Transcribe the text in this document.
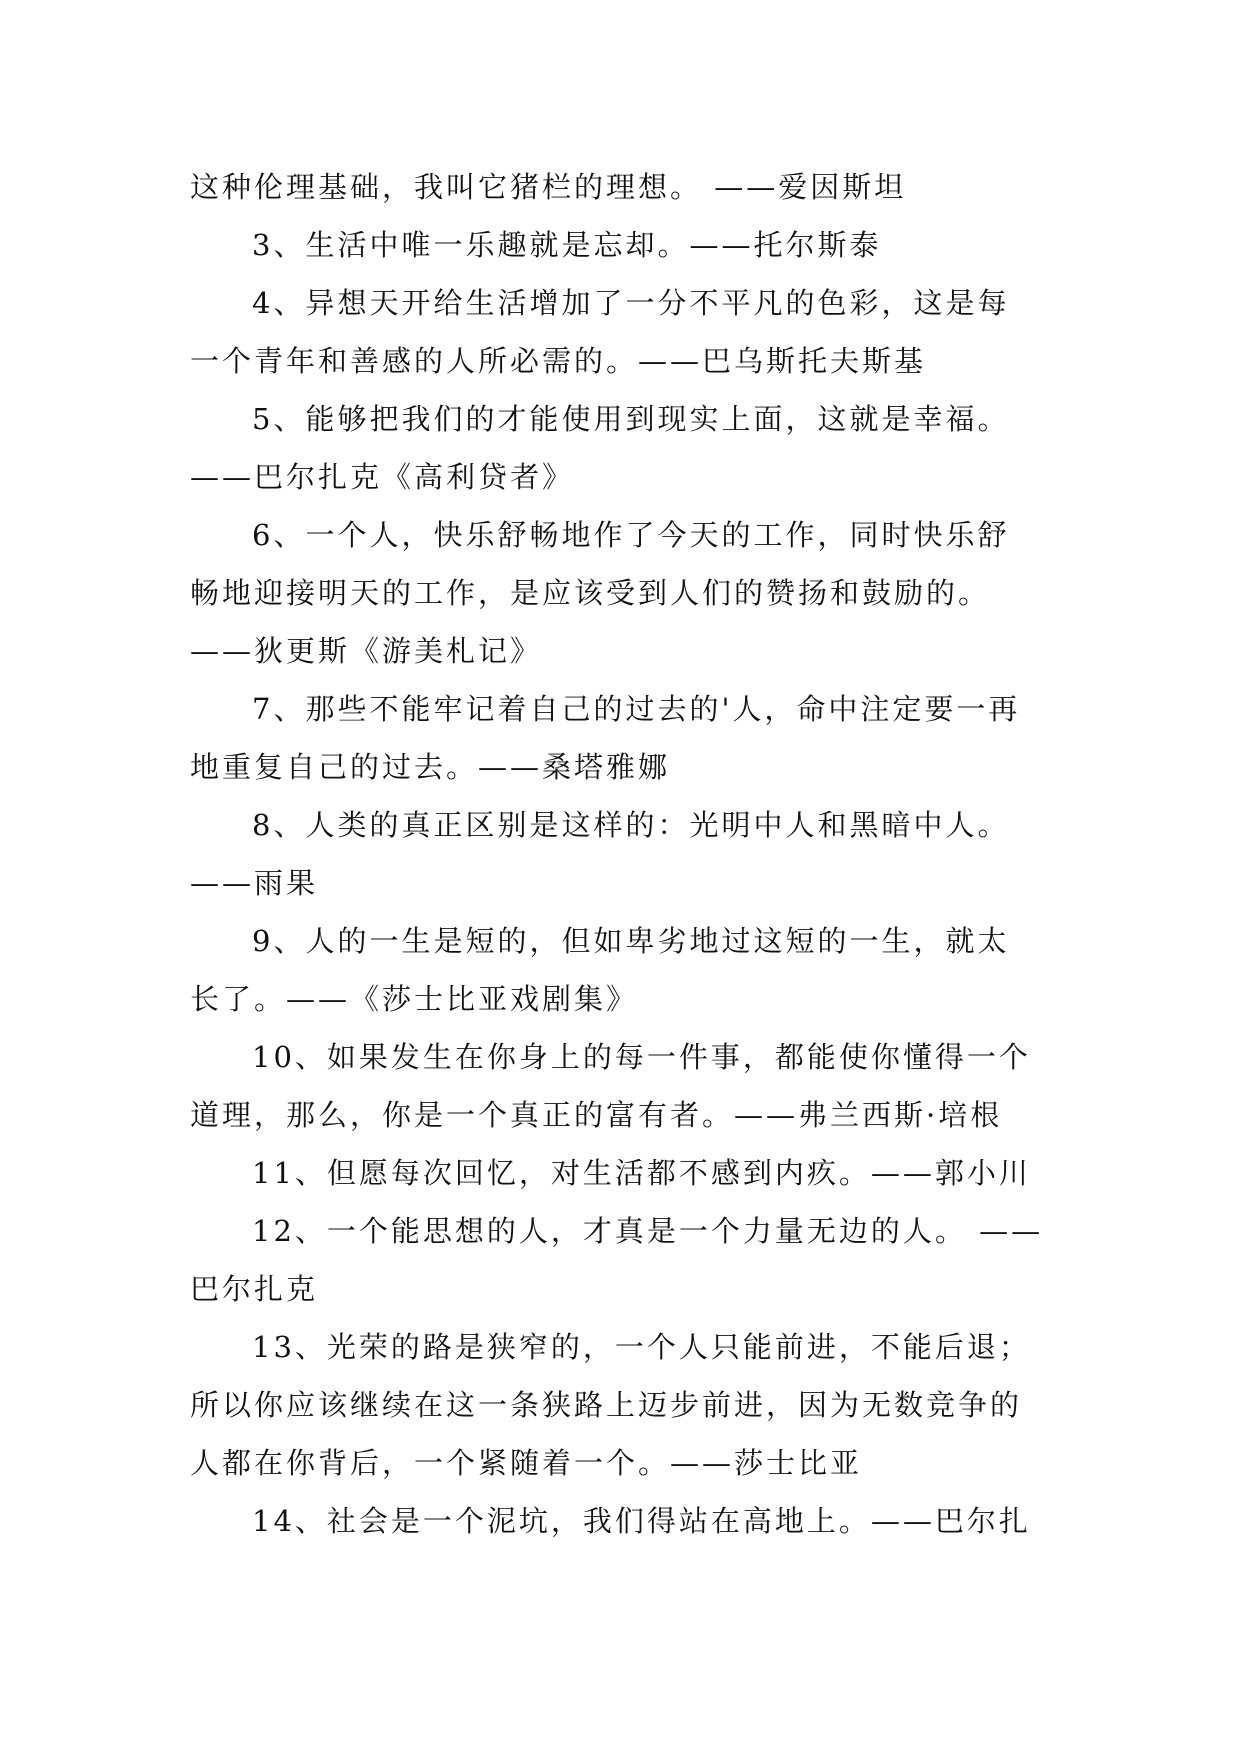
这种伦理基础，我叫它猪栏的理想。 ——爱因斯坦
3、生活中唯一乐趣就是忘却。——托尔斯泰
4、异想天开给生活增加了一分不平凡的色彩，这是每
一个青年和善感的人所必需的。——巴乌斯托夫斯基
5、能够把我们的才能使用到现实上面，这就是幸福。
——巴尔扎克《高利贷者》
6、一个人，快乐舒畅地作了今天的工作，同时快乐舒
畅地迎接明天的工作，是应该受到人们的赞扬和鼓励的。
——狄更斯《游美札记》
7、那些不能牢记着自己的过去的'人，命中注定要一再
地重复自己的过去。——桑塔雅娜
8、人类的真正区别是这样的：光明中人和黑暗中人。
——雨果
9、人的一生是短的，但如卑劣地过这短的一生，就太
长了。——《莎士比亚戏剧集》
10、如果发生在你身上的每一件事，都能使你懂得一个
道理，那么，你是一个真正的富有者。——弗兰西斯·培根
11、但愿每次回忆，对生活都不感到内疚。——郭小川
12、一个能思想的人，才真是一个力量无边的人。 ——
巴尔扎克
13、光荣的路是狭窄的，一个人只能前进，不能后退；
所以你应该继续在这一条狭路上迈步前进，因为无数竞争的
人都在你背后，一个紧随着一个。——莎士比亚
14、社会是一个泥坑，我们得站在高地上。——巴尔扎
